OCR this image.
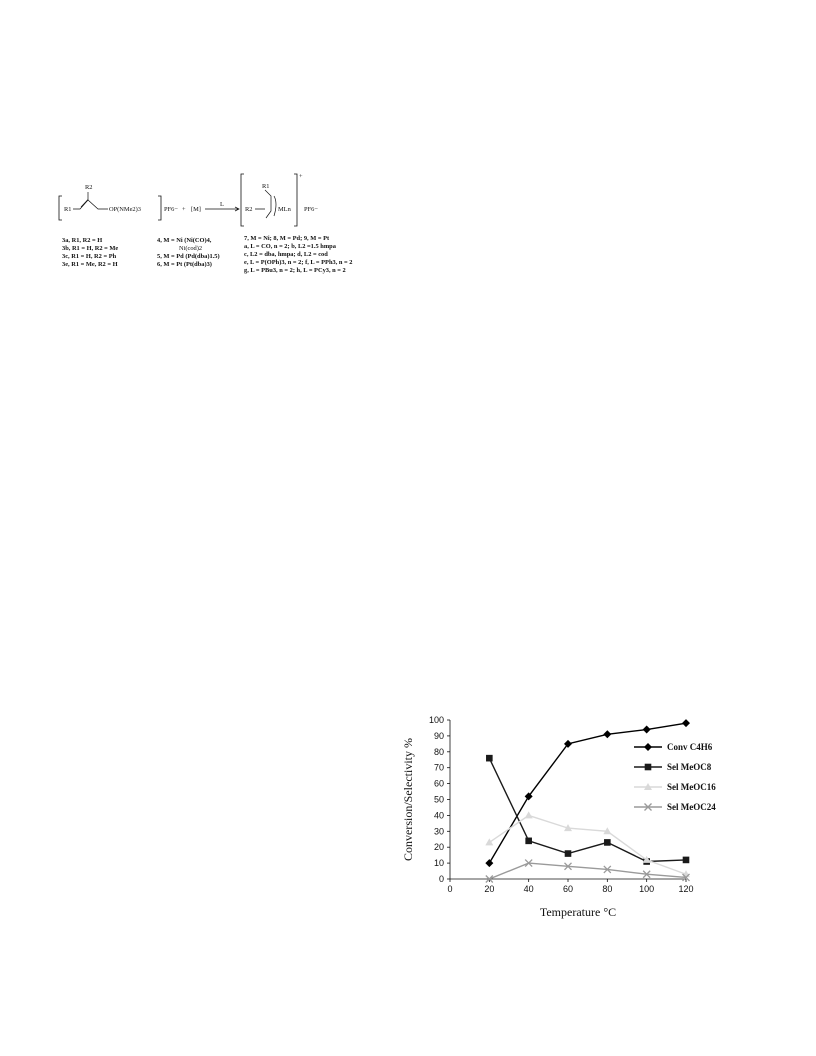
R1
R2
OP(NMe2)3	PF6− + [M]
L
+
R1
R2	MLn PF6−
3a, R1, R2 = H
3b, R1 = H, R2 = Me
3c, R1 = H, R2 = Ph
3e, R1 = Me, R2 = H
4, M = Ni (Ni(CO)4,
Ni(cod)2
5, M = Pd (Pd(dba)1.5)
6, M = Pt (Pt(dba)3)
7, M = Ni; 8, M = Pd; 9, M = Pt
a, L = CO, n = 2; b, L2 =1.5 hmpa
c, L2 = dba, hmpa; d, L2 = cod
e, L = P(OPh)3, n = 2; f, L = PPh3, n = 2
g, L = PBu3, n = 2; h, L = PCy3, n = 2
0
10
20
30
40
50
60
70
80
90
100
0	20	40	60	80	100	120
Conv C4H6
Sel MeOC8
Sel MeOC16
Sel MeOC24
Conversion/Selectivity %
Temperature °C
